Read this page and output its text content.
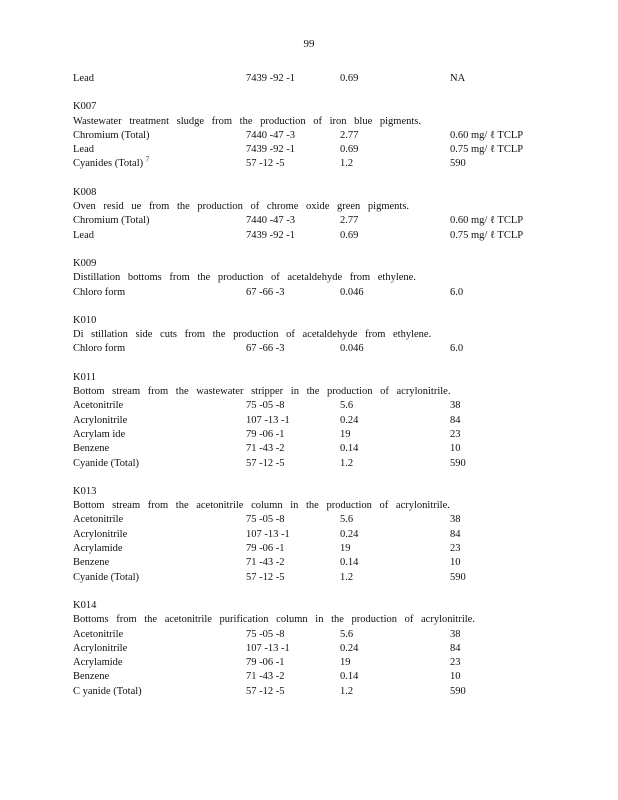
99
Lead	7439 -92 -1	0.69	NA
K007
Wastewater treatment sludge from the production of iron blue pigments.
Chromium (Total)	7440 -47 -3	2.77	0.60 mg/ ℓ TCLP
Lead	7439 -92 -1	0.69	0.75 mg/ ℓ TCLP
Cyanides (Total) $^7$	57 -12 -5	1.2	590
K008
Oven resid ue from the production of chrome oxide green pigments.
Chromium (Total)	7440 -47 -3	2.77	0.60 mg/ ℓ TCLP
Lead	7439 -92 -1	0.69	0.75 mg/ ℓ TCLP
K009
Distillation bottoms from the production of acetaldehyde from ethylene.
Chloro form	67 -66 -3	0.046	6.0
K010
Di stillation side cuts from the production of acetaldehyde from ethylene.
Chloro form	67 -66 -3	0.046	6.0
K011
Bottom stream from the wastewater stripper in the production of acrylonitrile.
Acetonitrile	75 -05 -8	5.6	38
Acrylonitrile	107 -13 -1	0.24	84
Acrylam ide	79 -06 -1	19	23
Benzene	71 -43 -2	0.14	10
Cyanide (Total)	57 -12 -5	1.2	590
K013
Bottom stream from the acetonitrile column in the production of acrylonitrile.
Acetonitrile	75 -05 -8	5.6	38
Acrylonitrile	107 -13 -1	0.24	84
Acrylamide	79 -06 -1	19	23
Benzene	71 -43 -2	0.14	10
Cyanide (Total)	57 -12 -5	1.2	590
K014
Bottoms from the acetonitrile purification column in the production of acrylonitrile.
Acetonitrile	75 -05 -8	5.6	38
Acrylonitrile	107 -13 -1	0.24	84
Acrylamide	79 -06 -1	19	23
Benzene	71 -43 -2	0.14	10
C yanide (Total)	57 -12 -5	1.2	590
